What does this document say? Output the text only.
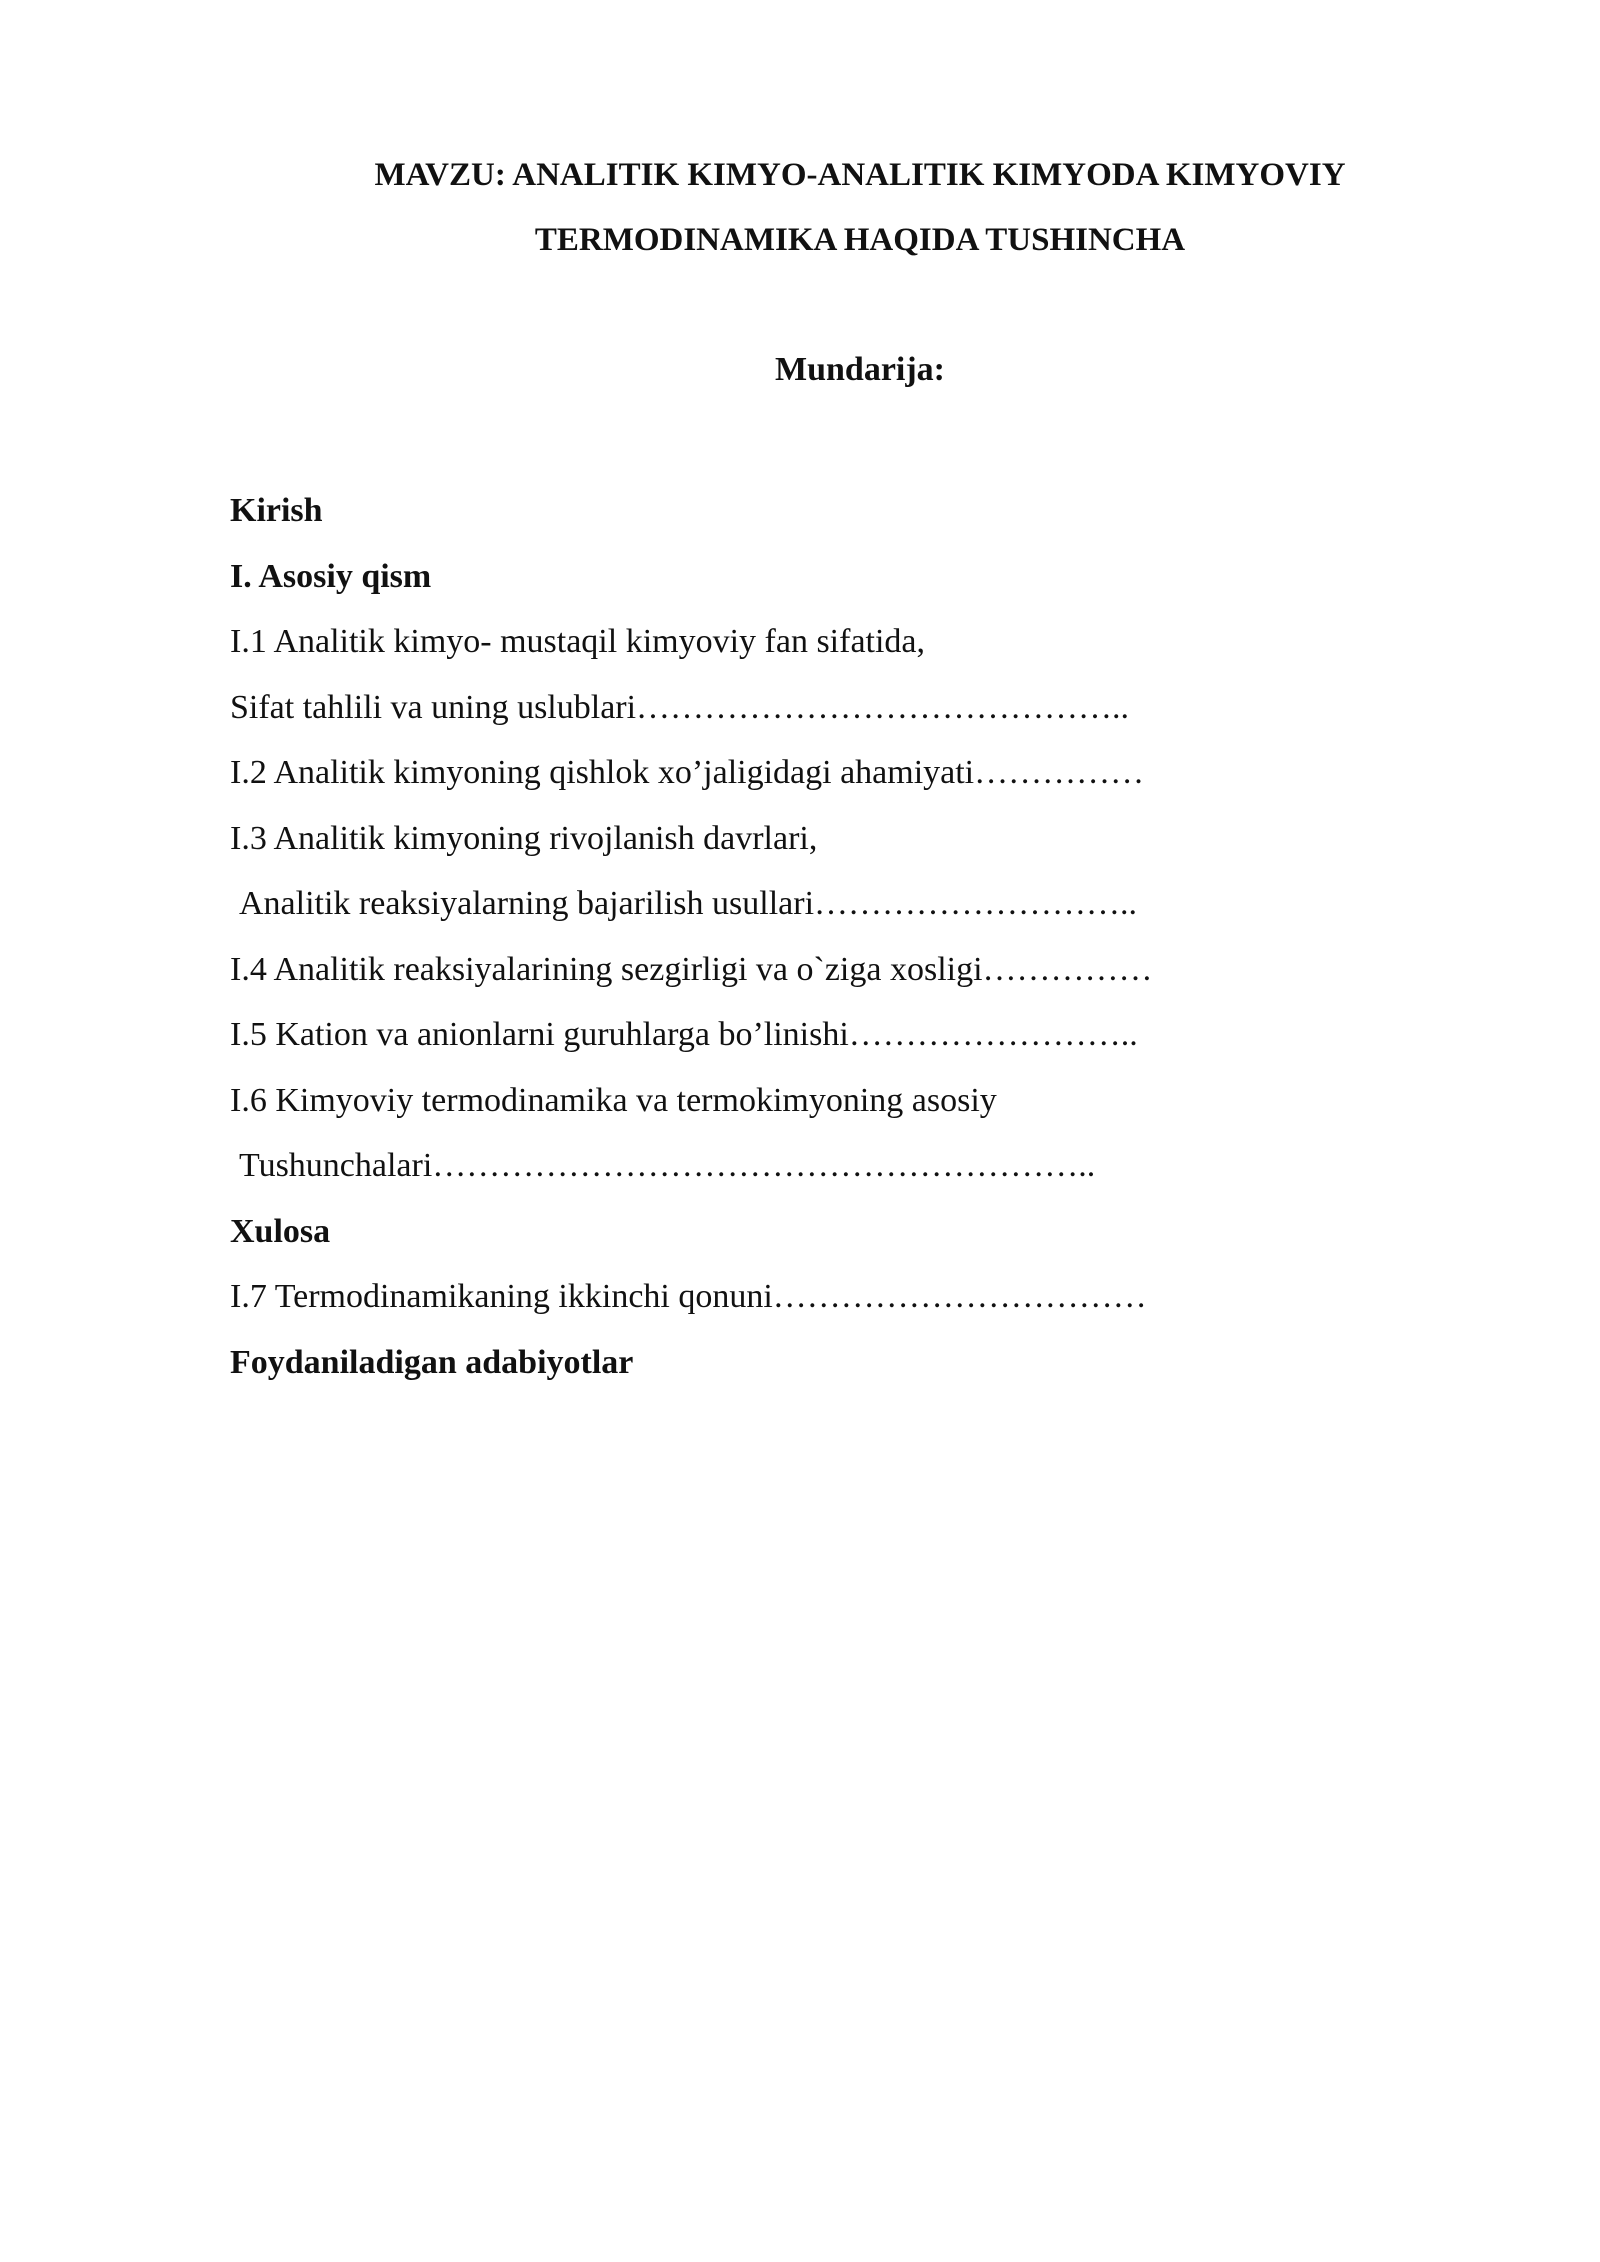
MAVZU: ANALITIK KIMYO-ANALITIK KIMYODA KIMYOVIY
TERMODINAMIKA HAQIDA TUSHINCHA
Mundarija:
Kirish
I. Asosiy qism
I.1 Analitik kimyo- mustaqil kimyoviy fan sifatida,
Sifat tahlili va uning uslublari……………………………………..
I.2 Analitik kimyoning qishlok xo’jaligidagi ahamiyati……………
I.3 Analitik kimyoning rivojlanish davrlari,
Analitik reaksiyalarning bajarilish usullari………………………..
I.4 Analitik reaksiyalarining sezgirligi va o`ziga xosligi……………
I.5 Kation va anionlarni guruhlarga bo’linishi……………………..
I.6 Kimyoviy termodinamika va termokimyoning asosiy
Tushunchalari…………………………………………………..
Xulosa
I.7 Termodinamikaning ikkinchi qonuni……………………………
Foydaniladigan adabiyotlar
